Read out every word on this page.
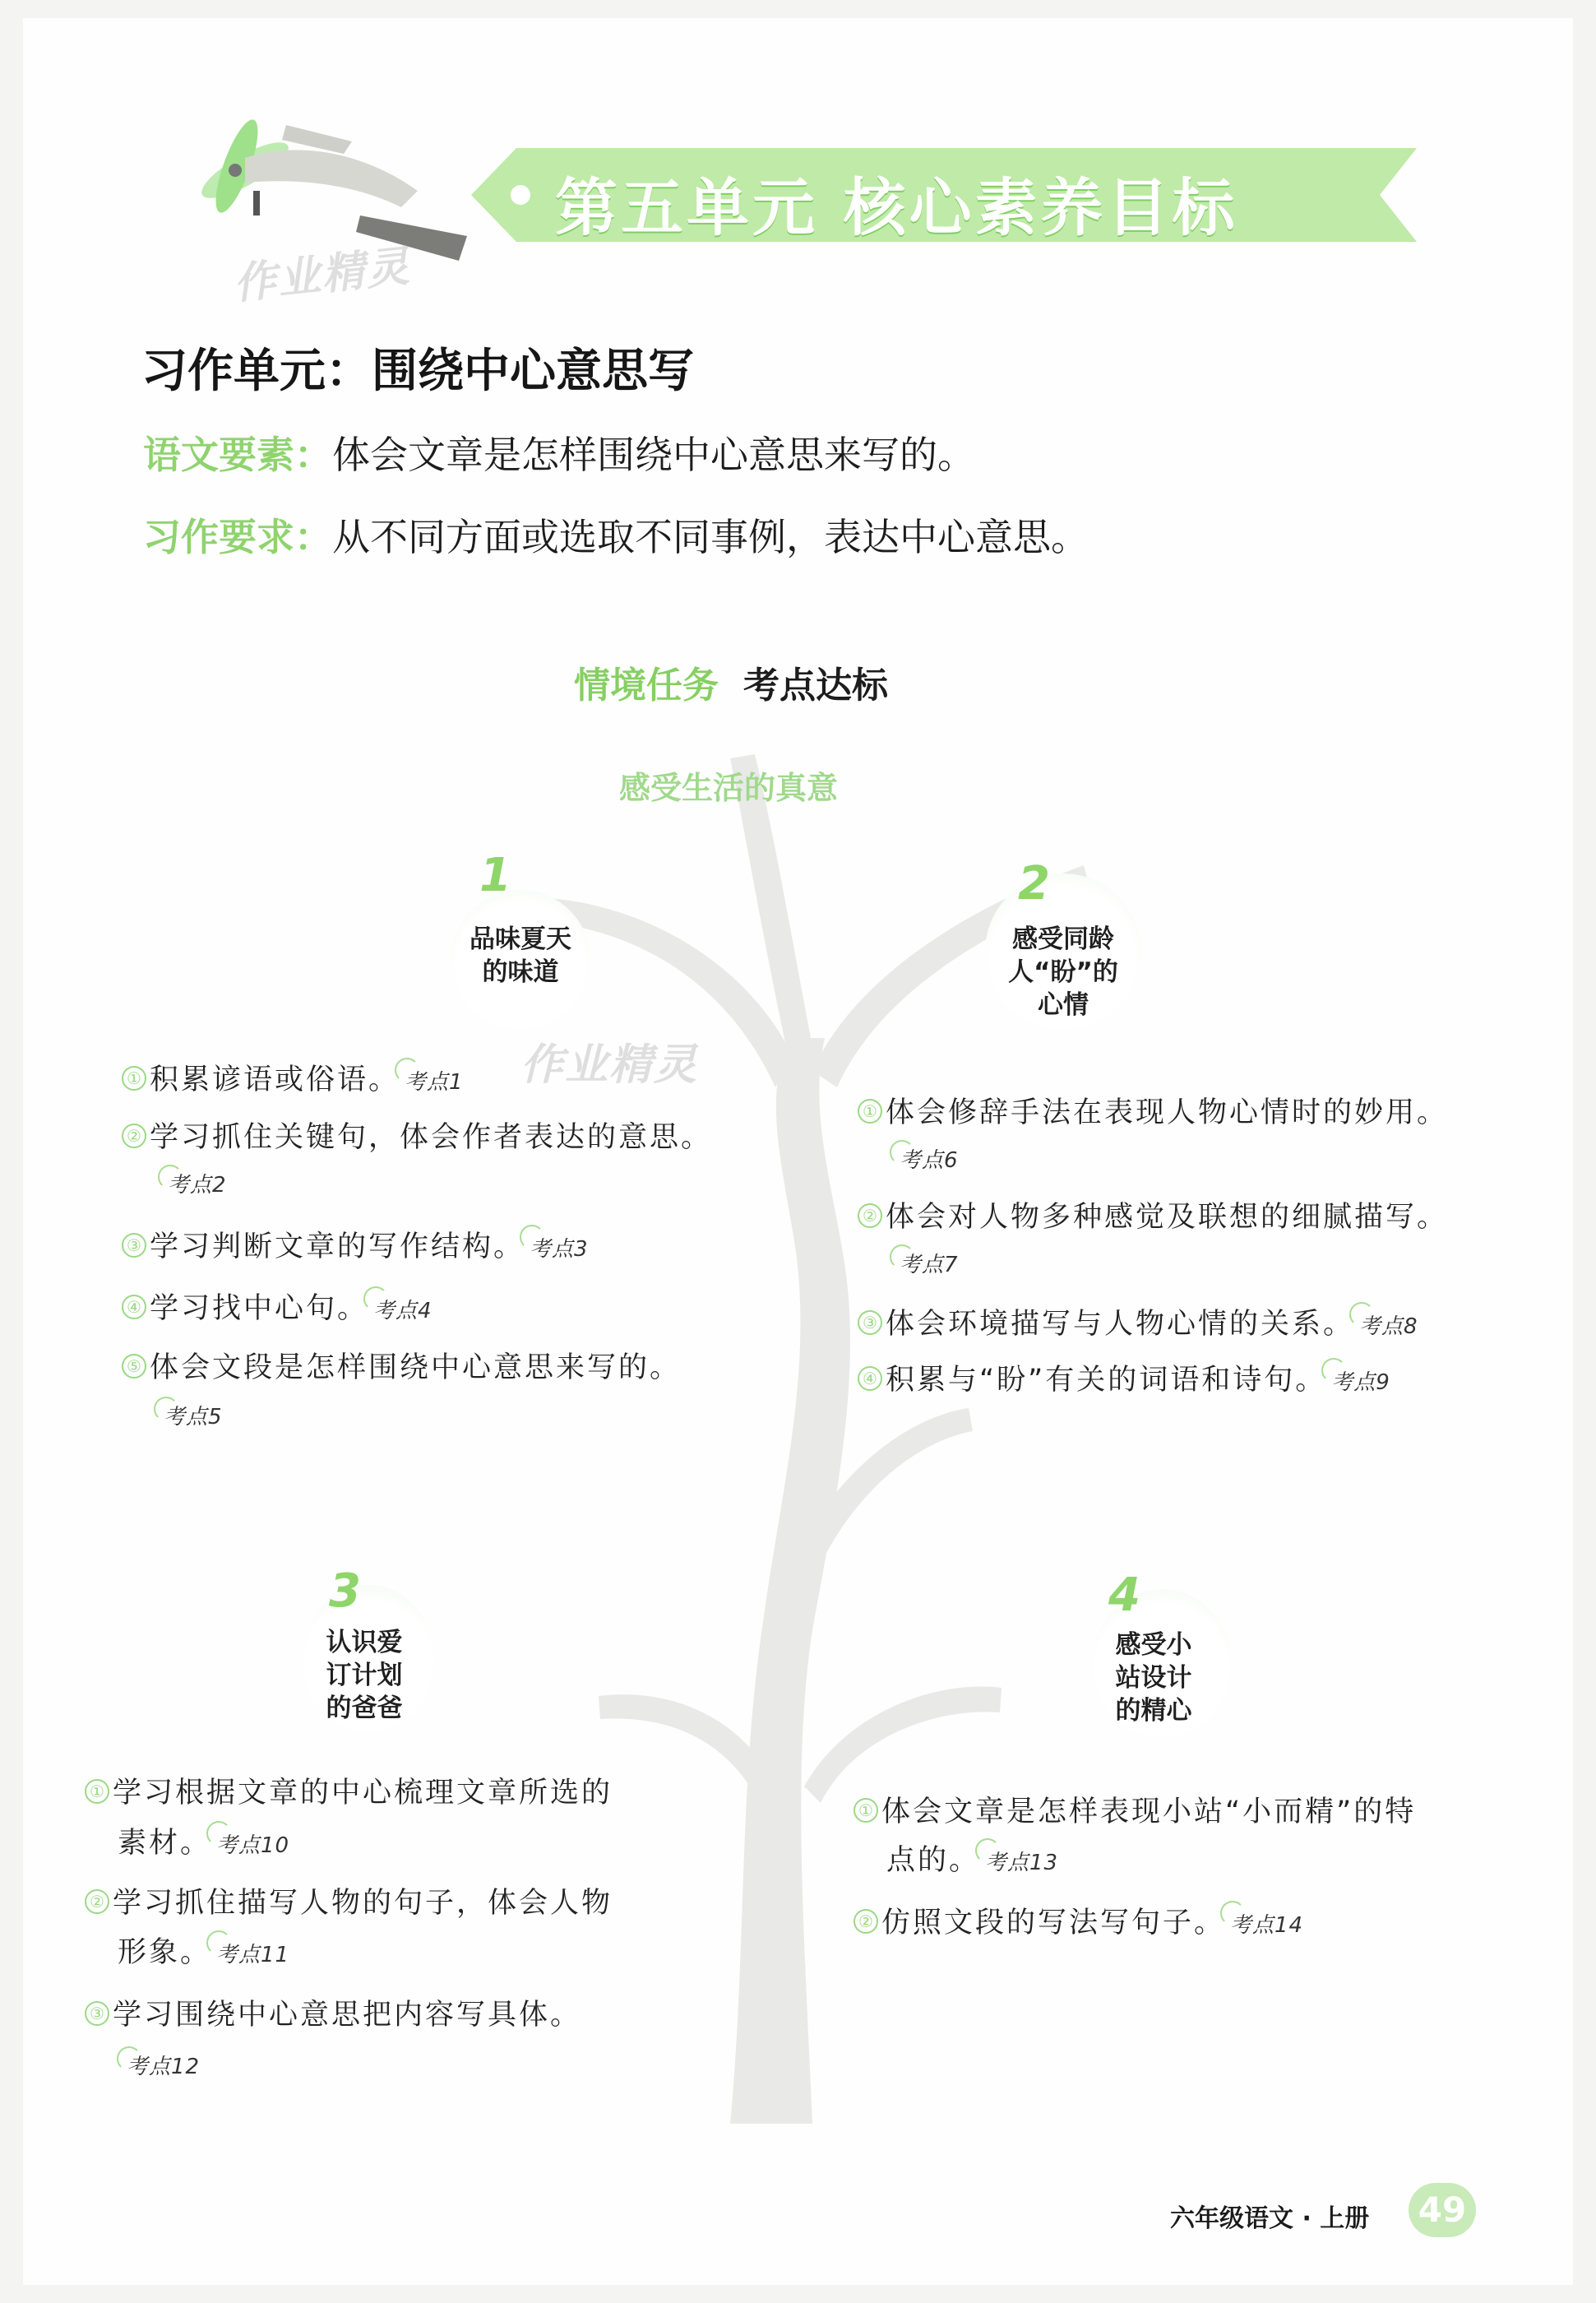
第五单元 核心素养目标
作业精灵
作业精灵
习作单元：围绕中心意思写
语文要素：体会文章是怎样围绕中心意思来写的。
习作要求：从不同方面或选取不同事例，表达中心意思。
情境任务 考点达标
感受生活的真意
1
品味夏天
的味道
① 积累谚语或俗语。 考点1
② 学习抓住关键句，体会作者表达的意思。
考点2
③ 学习判断文章的写作结构。 考点3
④ 学习找中心句。 考点4
⑤ 体会文段是怎样围绕中心意思来写的。
考点5
2
感受同龄
人“盼”的
心情
① 体会修辞手法在表现人物心情时的妙用。
考点6
② 体会对人物多种感觉及联想的细腻描写。
考点7
③ 体会环境描写与人物心情的关系。 考点8
④ 积累与“盼”有关的词语和诗句。 考点9
3
认识爱
订计划
的爸爸
① 学习根据文章的中心梳理文章所选的
素材。 考点10
② 学习抓住描写人物的句子，体会人物
形象。 考点11
③ 学习围绕中心意思把内容写具体。
考点12
4
感受小
站设计
的精心
① 体会文章是怎样表现小站“小而精”的特
点的。 考点13
② 仿照文段的写法写句子。 考点14
六年级语文 · 上册 49
